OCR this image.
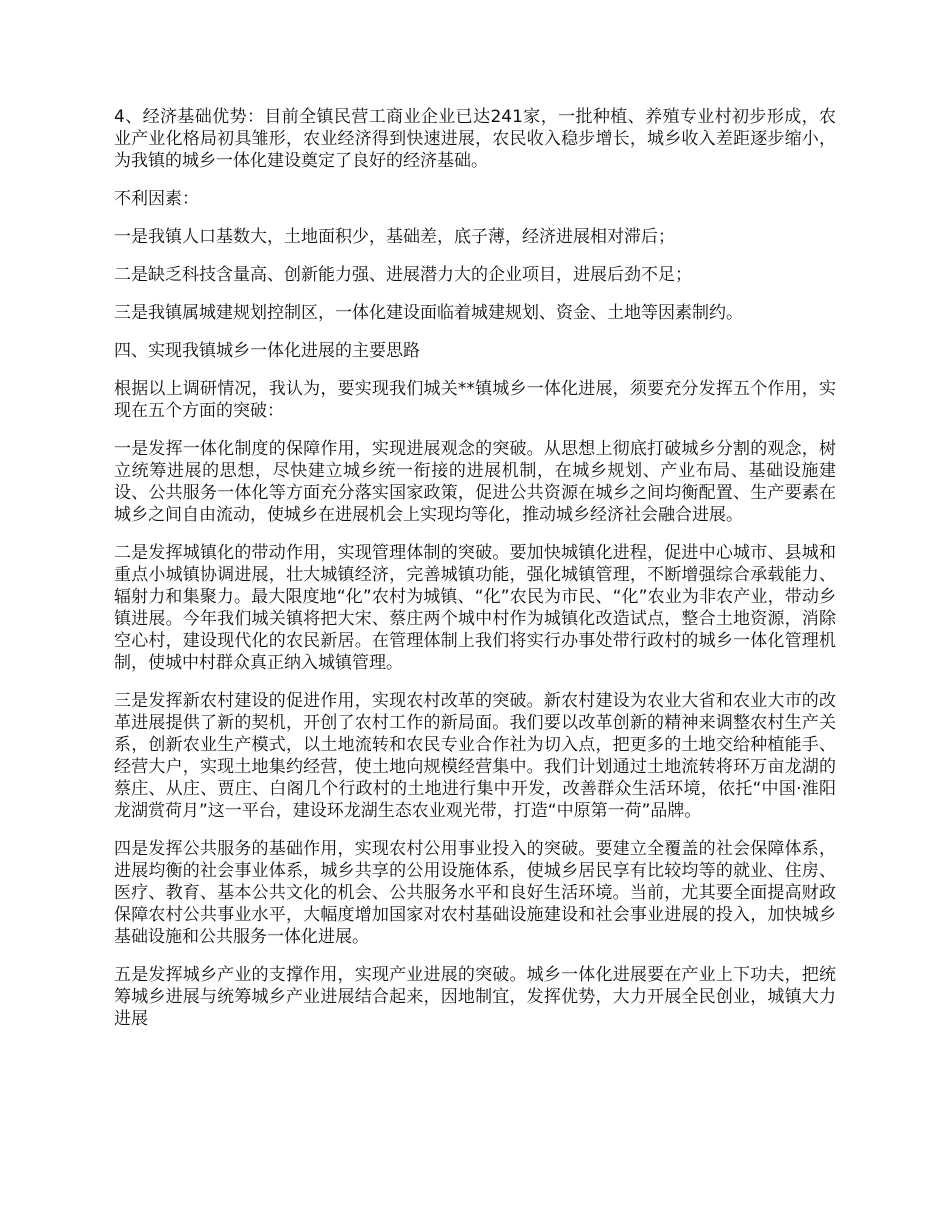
4、经济基础优势：目前全镇民营工商业企业已达241家，一批种植、养殖专业村初步形成，农业产业化格局初具雏形，农业经济得到快速进展，农民收入稳步增长，城乡收入差距逐步缩小，为我镇的城乡一体化建设奠定了良好的经济基础。

不利因素：

一是我镇人口基数大，土地面积少，基础差，底子薄，经济进展相对滞后；

二是缺乏科技含量高、创新能力强、进展潜力大的企业项目，进展后劲不足；

三是我镇属城建规划控制区，一体化建设面临着城建规划、资金、土地等因素制约。

四、实现我镇城乡一体化进展的主要思路

根据以上调研情况，我认为，要实现我们城关**镇城乡一体化进展，须要充分发挥五个作用，实现在五个方面的突破：

一是发挥一体化制度的保障作用，实现进展观念的突破。从思想上彻底打破城乡分割的观念，树立统筹进展的思想，尽快建立城乡统一衔接的进展机制，在城乡规划、产业布局、基础设施建设、公共服务一体化等方面充分落实国家政策，促进公共资源在城乡之间均衡配置、生产要素在城乡之间自由流动，使城乡在进展机会上实现均等化，推动城乡经济社会融合进展。

二是发挥城镇化的带动作用，实现管理体制的突破。要加快城镇化进程，促进中心城市、县城和重点小城镇协调进展，壮大城镇经济，完善城镇功能，强化城镇管理，不断增强综合承载能力、辐射力和集聚力。最大限度地“化”农村为城镇、“化”农民为市民、“化”农业为非农产业，带动乡镇进展。今年我们城关镇将把大宋、蔡庄两个城中村作为城镇化改造试点，整合土地资源，消除空心村，建设现代化的农民新居。在管理体制上我们将实行办事处带行政村的城乡一体化管理机制，使城中村群众真正纳入城镇管理。

三是发挥新农村建设的促进作用，实现农村改革的突破。新农村建设为农业大省和农业大市的改革进展提供了新的契机，开创了农村工作的新局面。我们要以改革创新的精神来调整农村生产关系，创新农业生产模式，以土地流转和农民专业合作社为切入点，把更多的土地交给种植能手、经营大户，实现土地集约经营，使土地向规模经营集中。我们计划通过土地流转将环万亩龙湖的蔡庄、从庄、贾庄、白阁几个行政村的土地进行集中开发，改善群众生活环境，依托“中国·淮阳龙湖赏荷月”这一平台，建设环龙湖生态农业观光带，打造“中原第一荷”品牌。

四是发挥公共服务的基础作用，实现农村公用事业投入的突破。要建立全覆盖的社会保障体系，进展均衡的社会事业体系，城乡共享的公用设施体系，使城乡居民享有比较均等的就业、住房、医疗、教育、基本公共文化的机会、公共服务水平和良好生活环境。当前，尤其要全面提高财政保障农村公共事业水平，大幅度增加国家对农村基础设施建设和社会事业进展的投入，加快城乡基础设施和公共服务一体化进展。

五是发挥城乡产业的支撑作用，实现产业进展的突破。城乡一体化进展要在产业上下功夫，把统筹城乡进展与统筹城乡产业进展结合起来，因地制宜，发挥优势，大力开展全民创业，城镇大力进展
